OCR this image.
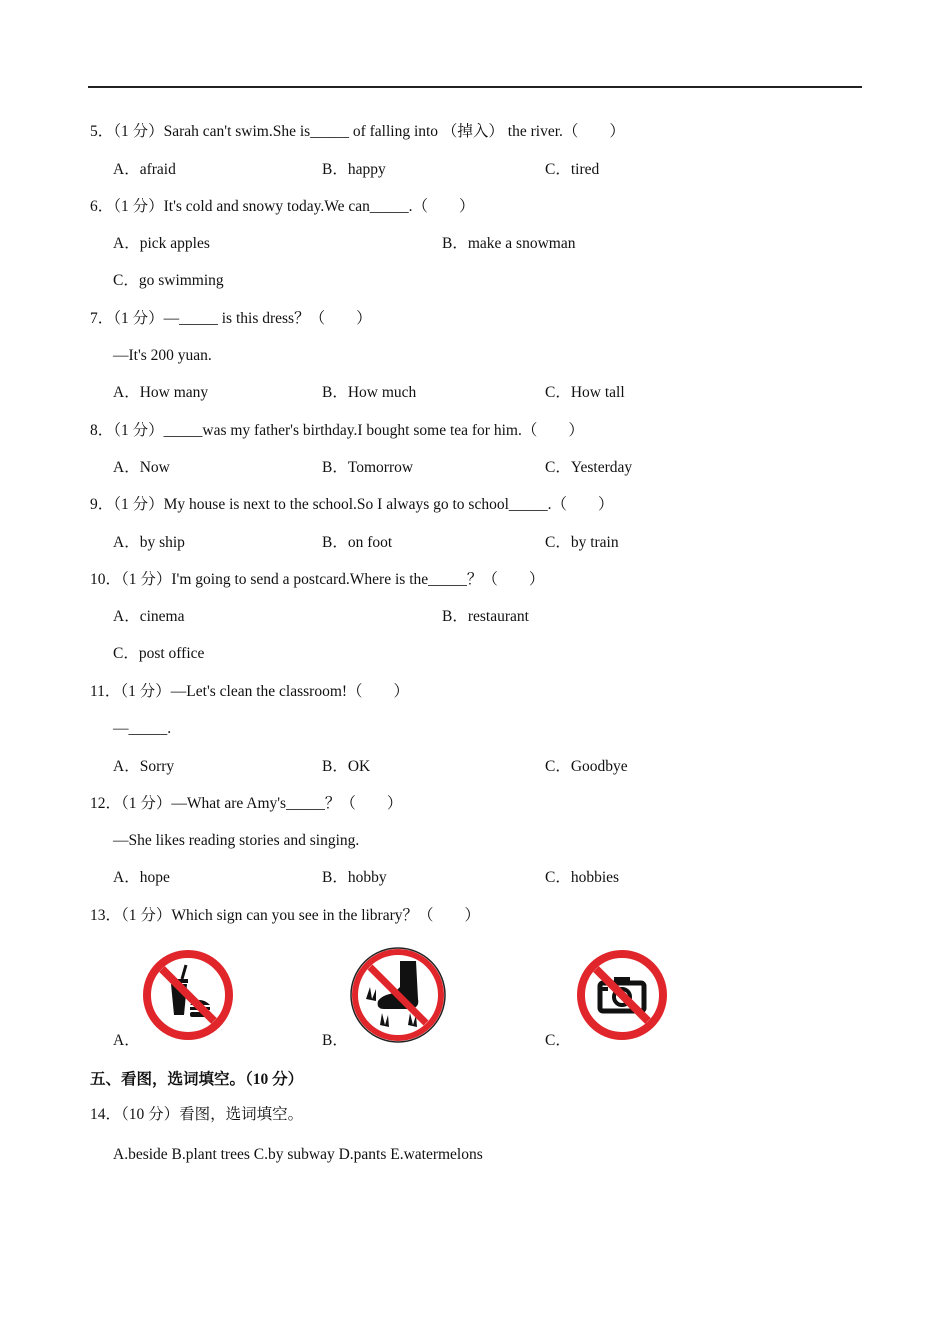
5．（1 分）Sarah can't swim.She is_____ of falling into （掉入） the river.（　　）
A．afraid	B．happy	C．tired
6．（1 分）It's cold and snowy today.We can_____.（　　）
A．pick apples	B．make a snowman
C．go swimming
7．（1 分）—_____ is this dress？（　　）
—It's 200 yuan.
A．How many	B．How much	C．How tall
8．（1 分）_____was my father's birthday.I bought some tea for him.（　　）
A．Now	B．Tomorrow	C．Yesterday
9．（1 分）My house is next to the school.So I always go to school_____.（　　）
A．by ship	B．on foot	C．by train
10．（1 分）I'm going to send a postcard.Where is the_____？（　　）
A．cinema	B．restaurant
C．post office
11．（1 分）—Let's clean the classroom!（　　）
—_____.
A．Sorry	B．OK	C．Goodbye
12．（1 分）—What are Amy's_____？（　　）
—She likes reading stories and singing.
A．hope	B．hobby	C．hobbies
13．（1 分）Which sign can you see in the library？（　　）
A．	B．	C．
五、看图，选词填空。（10 分）
14．（10 分）看图，选词填空。
A.beside B.plant trees C.by subway D.pants E.watermelons
